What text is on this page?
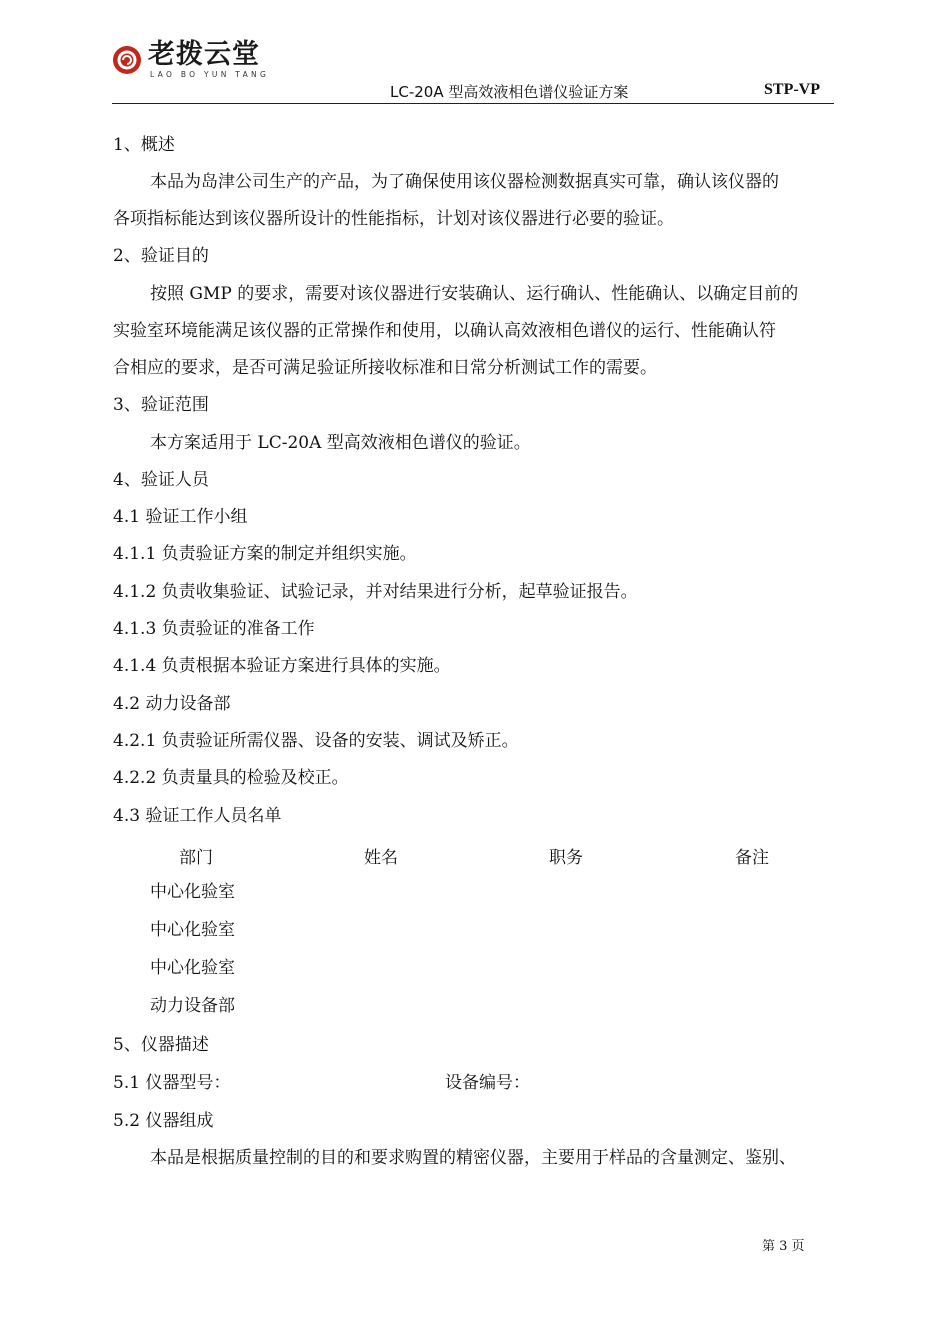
老拨云堂
LAO BO YUN TANG
LC-20A 型高效液相色谱仪验证方案	STP-VP
1、概述
本品为岛津公司生产的产品，为了确保使用该仪器检测数据真实可靠，确认该仪器的
各项指标能达到该仪器所设计的性能指标，计划对该仪器进行必要的验证。
2、验证目的
按照 GMP 的要求，需要对该仪器进行安装确认、运行确认、性能确认、以确定目前的
实验室环境能满足该仪器的正常操作和使用，以确认高效液相色谱仪的运行、性能确认符
合相应的要求，是否可满足验证所接收标准和日常分析测试工作的需要。
3、验证范围
本方案适用于 LC-20A 型高效液相色谱仪的验证。
4、验证人员
4.1 验证工作小组
4.1.1 负责验证方案的制定并组织实施。
4.1.2 负责收集验证、试验记录，并对结果进行分析，起草验证报告。
4.1.3 负责验证的准备工作
4.1.4 负责根据本验证方案进行具体的实施。
4.2 动力设备部
4.2.1 负责验证所需仪器、设备的安装、调试及矫正。
4.2.2 负责量具的检验及校正。
4.3 验证工作人员名单
部门	姓名	职务	备注
中心化验室
中心化验室
中心化验室
动力设备部
5、仪器描述
5.1 仪器型号：	设备编号：
5.2 仪器组成
本品是根据质量控制的目的和要求购置的精密仪器，主要用于样品的含量测定、鉴别、
第 3 页
